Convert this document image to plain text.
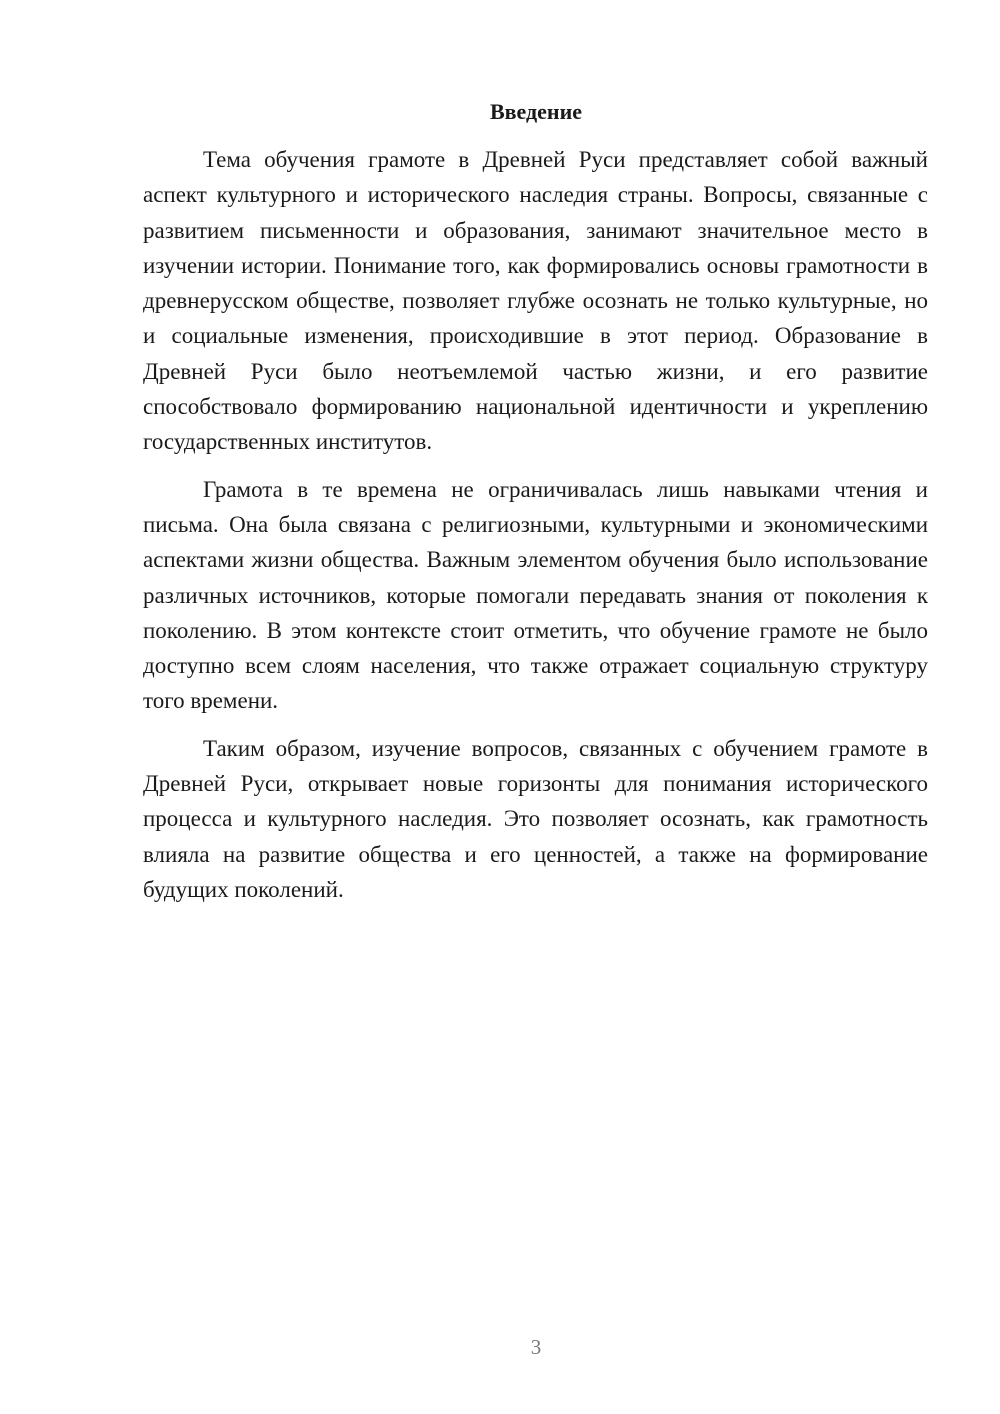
Введение

Тема обучения грамоте в Древней Руси представляет собой важный аспект культурного и исторического наследия страны. Вопросы, связанные с развитием письменности и образования, занимают значительное место в изучении истории. Понимание того, как формировались основы грамотности в древнерусском обществе, позволяет глубже осознать не только культурные, но и социальные изменения, происходившие в этот период. Образование в Древней Руси было неотъемлемой частью жизни, и его развитие способствовало формированию национальной идентичности и укреплению государственных институтов.

Грамота в те времена не ограничивалась лишь навыками чтения и письма. Она была связана с религиозными, культурными и экономическими аспектами жизни общества. Важным элементом обучения было использование различных источников, которые помогали передавать знания от поколения к поколению. В этом контексте стоит отметить, что обучение грамоте не было доступно всем слоям населения, что также отражает социальную структуру того времени.

Таким образом, изучение вопросов, связанных с обучением грамоте в Древней Руси, открывает новые горизонты для понимания исторического процесса и культурного наследия. Это позволяет осознать, как грамотность влияла на развитие общества и его ценностей, а также на формирование будущих поколений.

3
